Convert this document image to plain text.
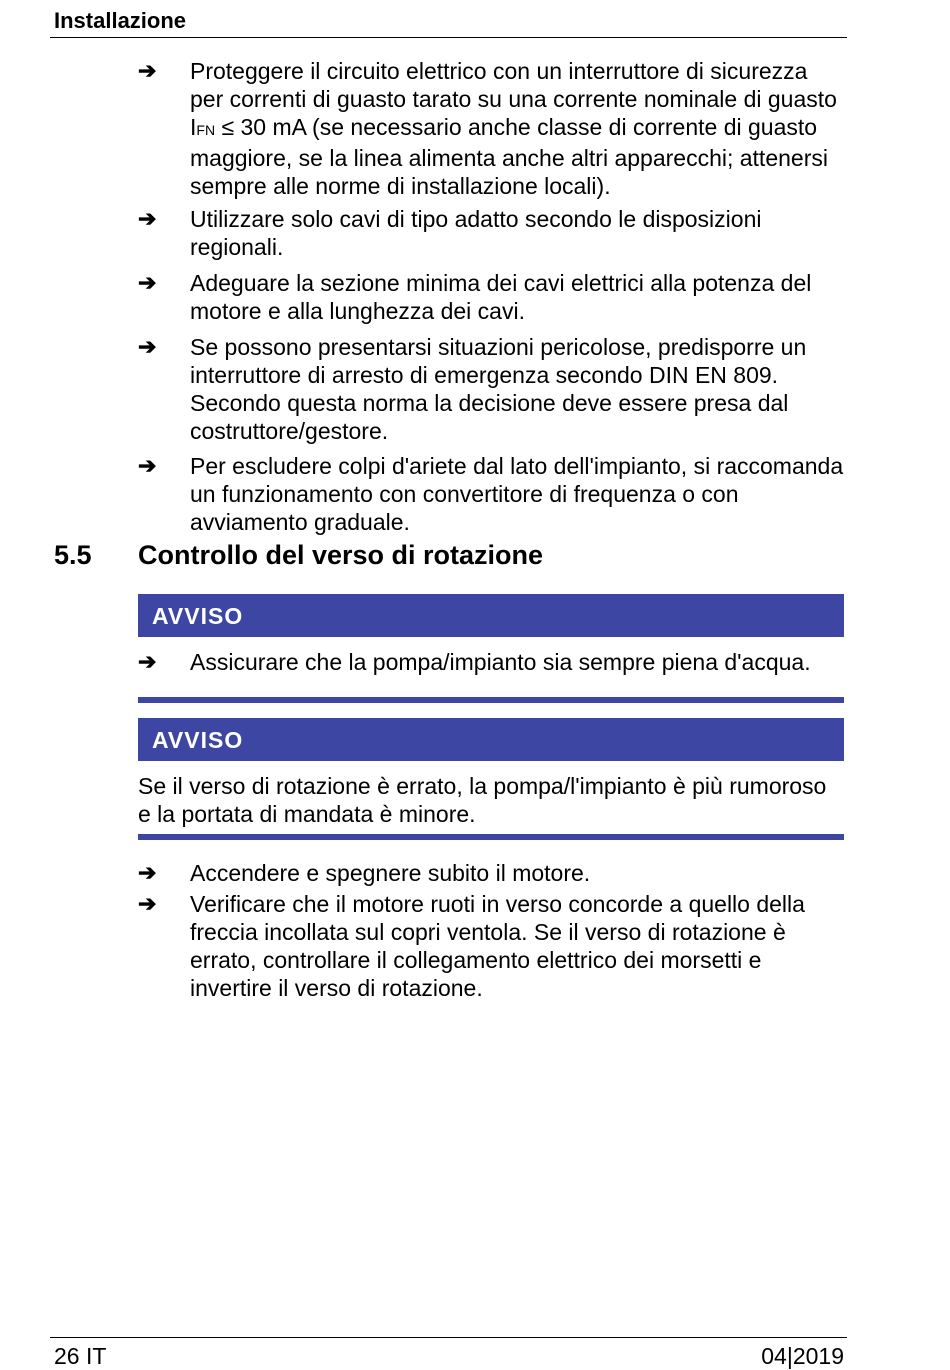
Installazione
➔	Proteggere il circuito elettrico con un interruttore di sicurezza per correnti di guasto tarato su una corrente nominale di guasto IFN ≤ 30 mA (se necessario anche classe di corrente di guasto maggiore, se la linea alimenta anche altri apparecchi; attenersi sempre alle norme di installazione locali).
➔	Utilizzare solo cavi di tipo adatto secondo le disposizioni regionali.
➔	Adeguare la sezione minima dei cavi elettrici alla potenza del motore e alla lunghezza dei cavi.
➔	Se possono presentarsi situazioni pericolose, predisporre un interruttore di arresto di emergenza secondo DIN EN 809. Secondo questa norma la decisione deve essere presa dal costruttore/gestore.
➔	Per escludere colpi d'ariete dal lato dell'impianto, si raccomanda un funzionamento con convertitore di frequenza o con avviamento graduale.
5.5	Controllo del verso di rotazione
AVVISO
➔	Assicurare che la pompa/impianto sia sempre piena d'acqua.
AVVISO
Se il verso di rotazione è errato, la pompa/l'impianto è più rumoroso e la portata di mandata è minore.
➔	Accendere e spegnere subito il motore.
➔	Verificare che il motore ruoti in verso concorde a quello della freccia incollata sul copri ventola. Se il verso di rotazione è errato, controllare il collegamento elettrico dei morsetti e invertire il verso di rotazione.
26 IT	04|2019
